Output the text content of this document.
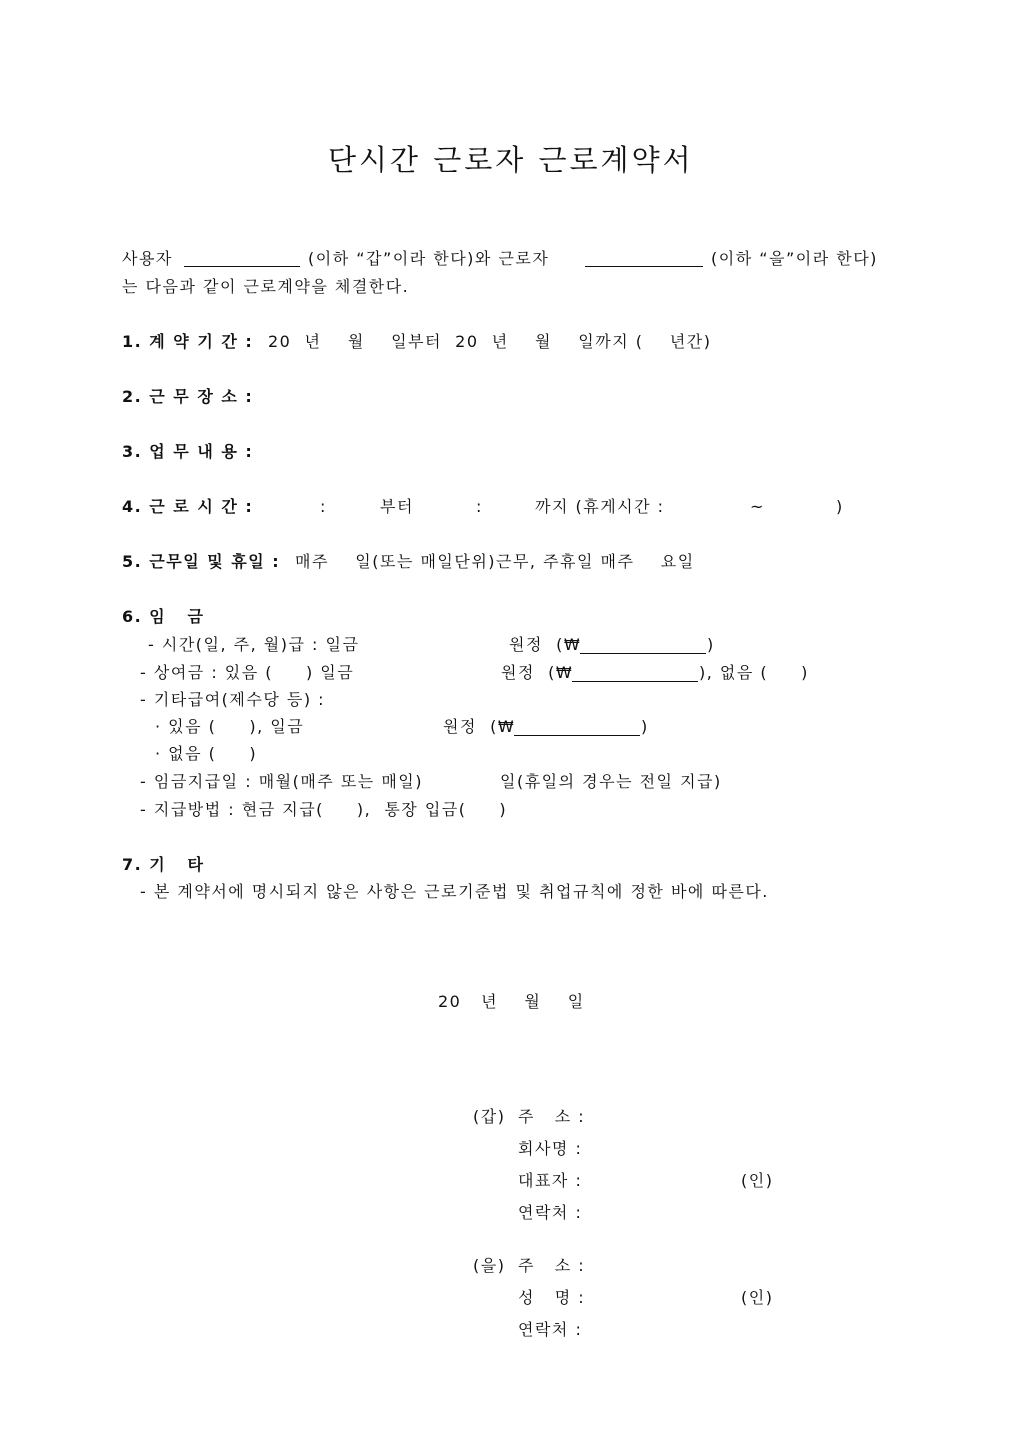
단시간 근로자 근로계약서
사용자	(이하 “갑”이라 한다)와 근로자	(이하 “을”이라 한다)
는 다음과 같이 근로계약을 체결한다.
1. 계 약 기 간 : 20  년    월    일부터  20  년    월    일까지 (    년간)
2. 근 무 장 소 :
3. 업 무 내 용 :
4. 근 로 시 간 :	:	부터	:	까지 (휴게시간 :	~	)
5. 근무일 및 휴일 : 매주    일(또는 매일단위)근무, 주휴일 매주    요일
6. 임   금
- 시간(일, 주, 월)급 : 일금	원정  (₩	)
- 상여금 : 있음 (     ) 일금	원정  (₩	), 없음 (     )
- 기타급여(제수당 등) :
· 있음 (     ), 일금	원정  (₩	)
· 없음 (     )
- 임금지급일 : 매월(매주 또는 매일)	일(휴일의 경우는 전일 지급)
- 지급방법 : 현금 지급(     ),  통장 입금(     )
7. 기   타
- 본 계약서에 명시되지 않은 사항은 근로기준법 및 취업규칙에 정한 바에 따른다.
20   년    월    일
(갑) 주   소 :
회사명 :
대표자 :	(인)
연락처 :
(을) 주   소 :
성   명 :	(인)
연락처 :
